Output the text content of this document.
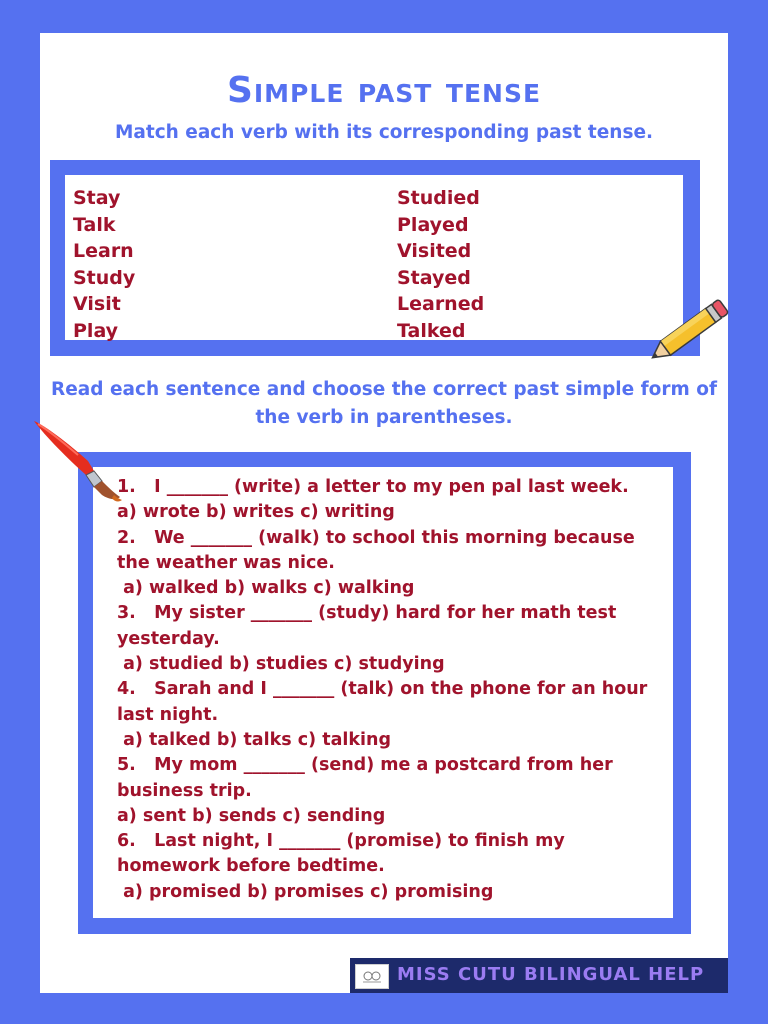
Simple past tense

Match each verb with its corresponding past tense.

Stay
Talk
Learn
Study
Visit
Play
Studied
Played
Visited
Stayed
Learned
Talked

Read each sentence and choose the correct past simple form of the verb in parentheses.

1.   I _______ (write) a letter to my pen pal last week.
a) wrote b) writes c) writing
2.   We _______ (walk) to school this morning because
the weather was nice.
a) walked b) walks c) walking
3.   My sister _______ (study) hard for her math test
yesterday.
a) studied b) studies c) studying
4.   Sarah and I _______ (talk) on the phone for an hour
last night.
a) talked b) talks c) talking
5.   My mom _______ (send) me a postcard from her
business trip.
a) sent b) sends c) sending
6.   Last night, I _______ (promise) to finish my
homework before bedtime.
a) promised b) promises c) promising
MISS CUTU BILINGUAL HELP
